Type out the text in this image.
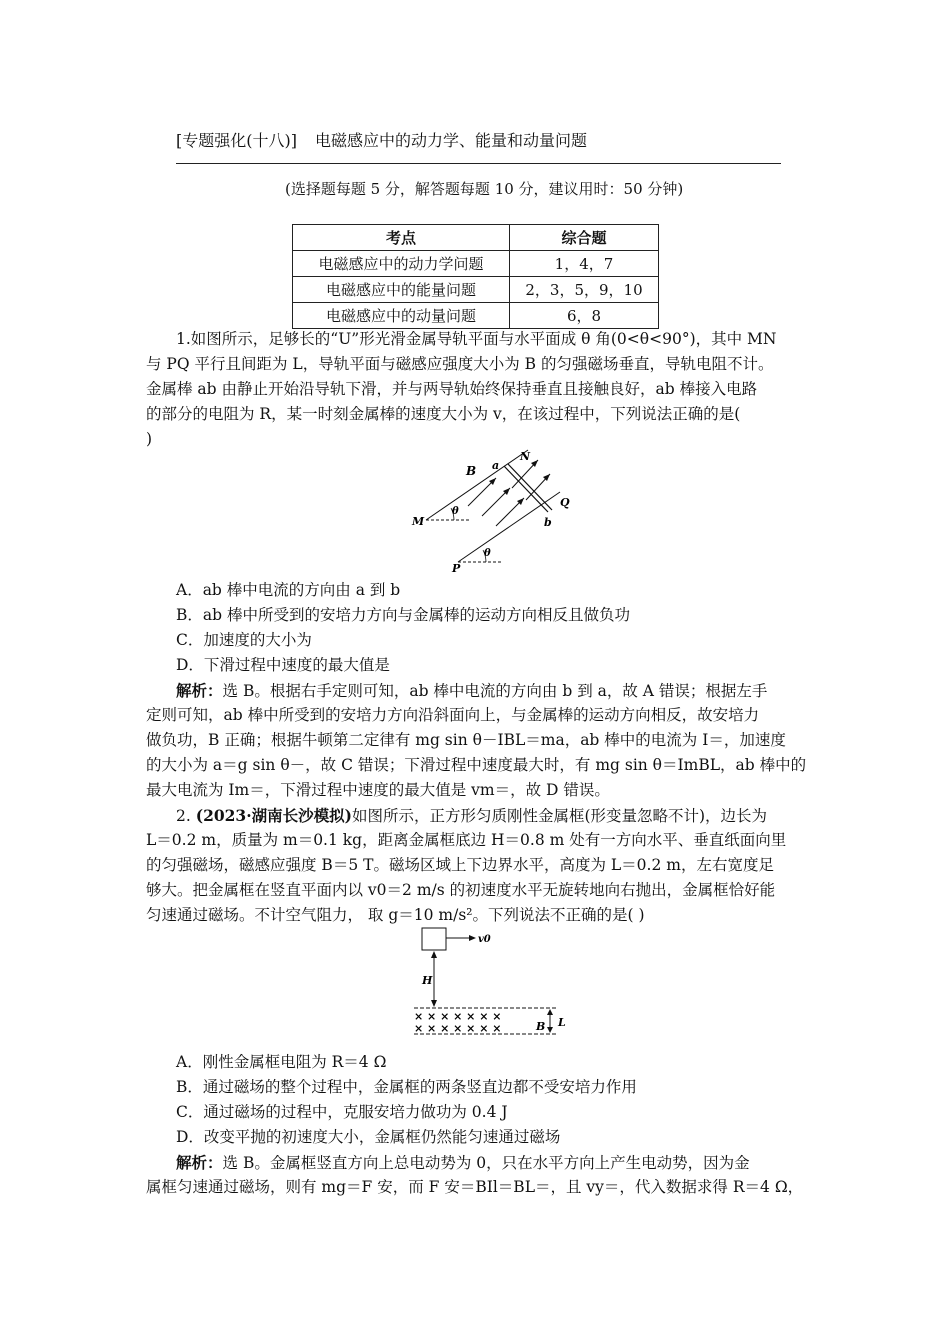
[专题强化(十八)] 电磁感应中的动力学、能量和动量问题
(选择题每题 5 分，解答题每题 10 分，建议用时：50 分钟)
考点	综合题
电磁感应中的动力学问题	1，4，7
电磁感应中的能量问题	2，3，5，9，10
电磁感应中的动量问题	6，8
1.如图所示，足够长的“U”形光滑金属导轨平面与水平面成 θ 角(0<θ<90°)，其中 MN
与 PQ 平行且间距为 L，导轨平面与磁感应强度大小为 B 的匀强磁场垂直，导轨电阻不计。
金属棒 ab 由静止开始沿导轨下滑，并与两导轨始终保持垂直且接触良好，ab 棒接入电路
的部分的电阻为 R，某一时刻金属棒的速度大小为 v，在该过程中，下列说法正确的是(
)
B a
N
Q
b
M
θ
P
θ
A．ab 棒中电流的方向由 a 到 b
B．ab 棒中所受到的安培力方向与金属棒的运动方向相反且做负功
C．加速度的大小为
D．下滑过程中速度的最大值是
解析：选 B。根据右手定则可知，ab 棒中电流的方向由 b 到 a，故 A 错误；根据左手
定则可知，ab 棒中所受到的安培力方向沿斜面向上，与金属棒的运动方向相反，故安培力
做负功，B 正确；根据牛顿第二定律有 mg sin θ－IBL＝ma，ab 棒中的电流为 I＝，加速度
的大小为 a＝g sin θ－，故 C 错误；下滑过程中速度最大时，有 mg sin θ＝ImBL，ab 棒中的
最大电流为 Im＝，下滑过程中速度的最大值是 vm＝，故 D 错误。
2. (2023·湖南长沙模拟)如图所示，正方形匀质刚性金属框(形变量忽略不计)，边长为
L＝0.2 m，质量为 m＝0.1 kg，距离金属框底边 H＝0.8 m 处有一方向水平、垂直纸面向里
的匀强磁场，磁感应强度 B＝5 T。磁场区域上下边界水平，高度为 L＝0.2 m，左右宽度足
够大。把金属框在竖直平面内以 v0＝2 m/s 的初速度水平无旋转地向右抛出，金属框恰好能
匀速通过磁场。不计空气阻力， 取 g＝10 m/s²。下列说法不正确的是( )
v0
H
× × × × × × ×
× × × × × × ×	B L
A．刚性金属框电阻为 R＝4 Ω
B．通过磁场的整个过程中，金属框的两条竖直边都不受安培力作用
C．通过磁场的过程中，克服安培力做功为 0.4 J
D．改变平抛的初速度大小，金属框仍然能匀速通过磁场
解析：选 B。金属框竖直方向上总电动势为 0，只在水平方向上产生电动势，因为金
属框匀速通过磁场，则有 mg＝F 安，而 F 安＝BIl＝BL＝，且 vy＝，代入数据求得 R＝4 Ω，
